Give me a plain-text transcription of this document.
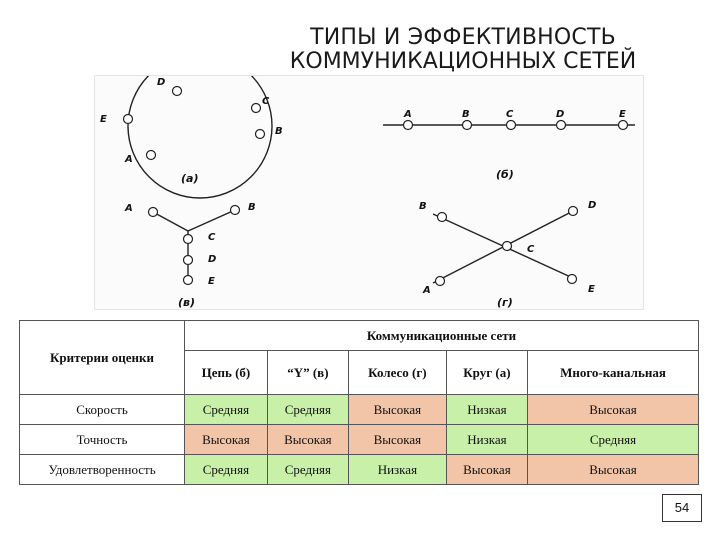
ТИПЫ И ЭФФЕКТИВНОСТЬ
КОММУНИКАЦИОННЫХ СЕТЕЙ
D
C
B
A
E
(а)
A	B	C	D	E
(б)
A	B
C
D
E
(в)
B	D
C
A	E
(г)
Критерии оценки	Коммуникационные сети				
	Цепь (б)	“Y” (в)	Колесо (г)	Круг (а)	Много-канальная
Скорость	Средняя	Средняя	Высокая	Низкая	Высокая
Точность	Высокая	Высокая	Высокая	Низкая	Средняя
Удовлетворенность	Средняя	Средняя	Низкая	Высокая	Высокая
54
